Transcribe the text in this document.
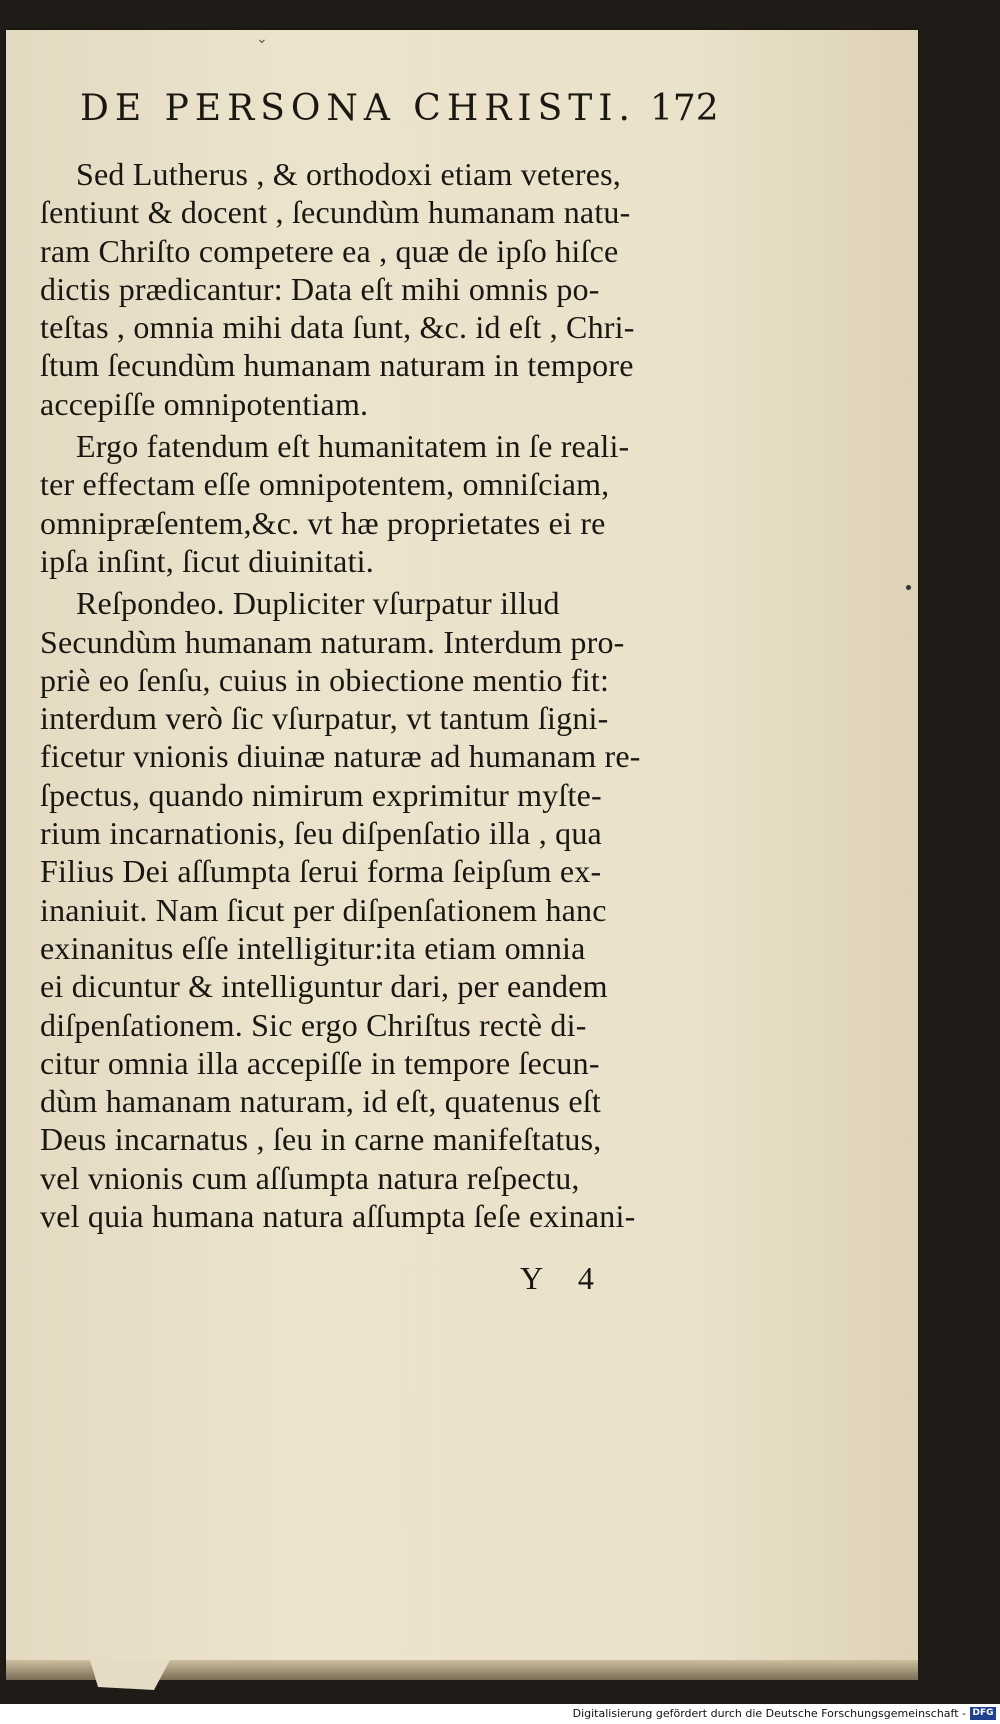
⌄
DE PERSONA CHRISTI. 172
Sed Lutherus , & orthodoxi etiam veteres,
ſentiunt & docent , ſecundùm humanam natu-
ram Chriſto competere ea , quæ de ipſo hiſce
dictis prædicantur: Data eſt mihi omnis po-
teſtas , omnia mihi data ſunt, &c. id eſt , Chri-
ſtum ſecundùm humanam naturam in tempore
accepiſſe omnipotentiam.
Ergo fatendum eſt humanitatem in ſe reali-
ter effectam eſſe omnipotentem, omniſciam,
omnipræſentem,&c. vt hæ proprietates ei re
ipſa inſint, ſicut diuinitati.
Reſpondeo. Dupliciter vſurpatur illud
Secundùm humanam naturam. Interdum pro-
priè eo ſenſu, cuius in obiectione mentio fit:
interdum verò ſic vſurpatur, vt tantum ſigni-
ficetur vnionis diuinæ naturæ ad humanam re-
ſpectus, quando nimirum exprimitur myſte-
rium incarnationis, ſeu diſpenſatio illa , qua
Filius Dei aſſumpta ſerui forma ſeipſum ex-
inaniuit. Nam ſicut per diſpenſationem hanc
exinanitus eſſe intelligitur:ita etiam omnia
ei dicuntur & intelliguntur dari, per eandem
diſpenſationem. Sic ergo Chriſtus rectè di-
citur omnia illa accepiſſe in tempore ſecun-
dùm hamanam naturam, id eſt, quatenus eſt
Deus incarnatus , ſeu in carne manifeſtatus,
vel vnionis cum aſſumpta natura reſpectu,
vel quia humana natura aſſumpta ſeſe exinani-
Y 4
Digitalisierung gefördert durch die Deutsche Forschungsgemeinschaft - DFG
